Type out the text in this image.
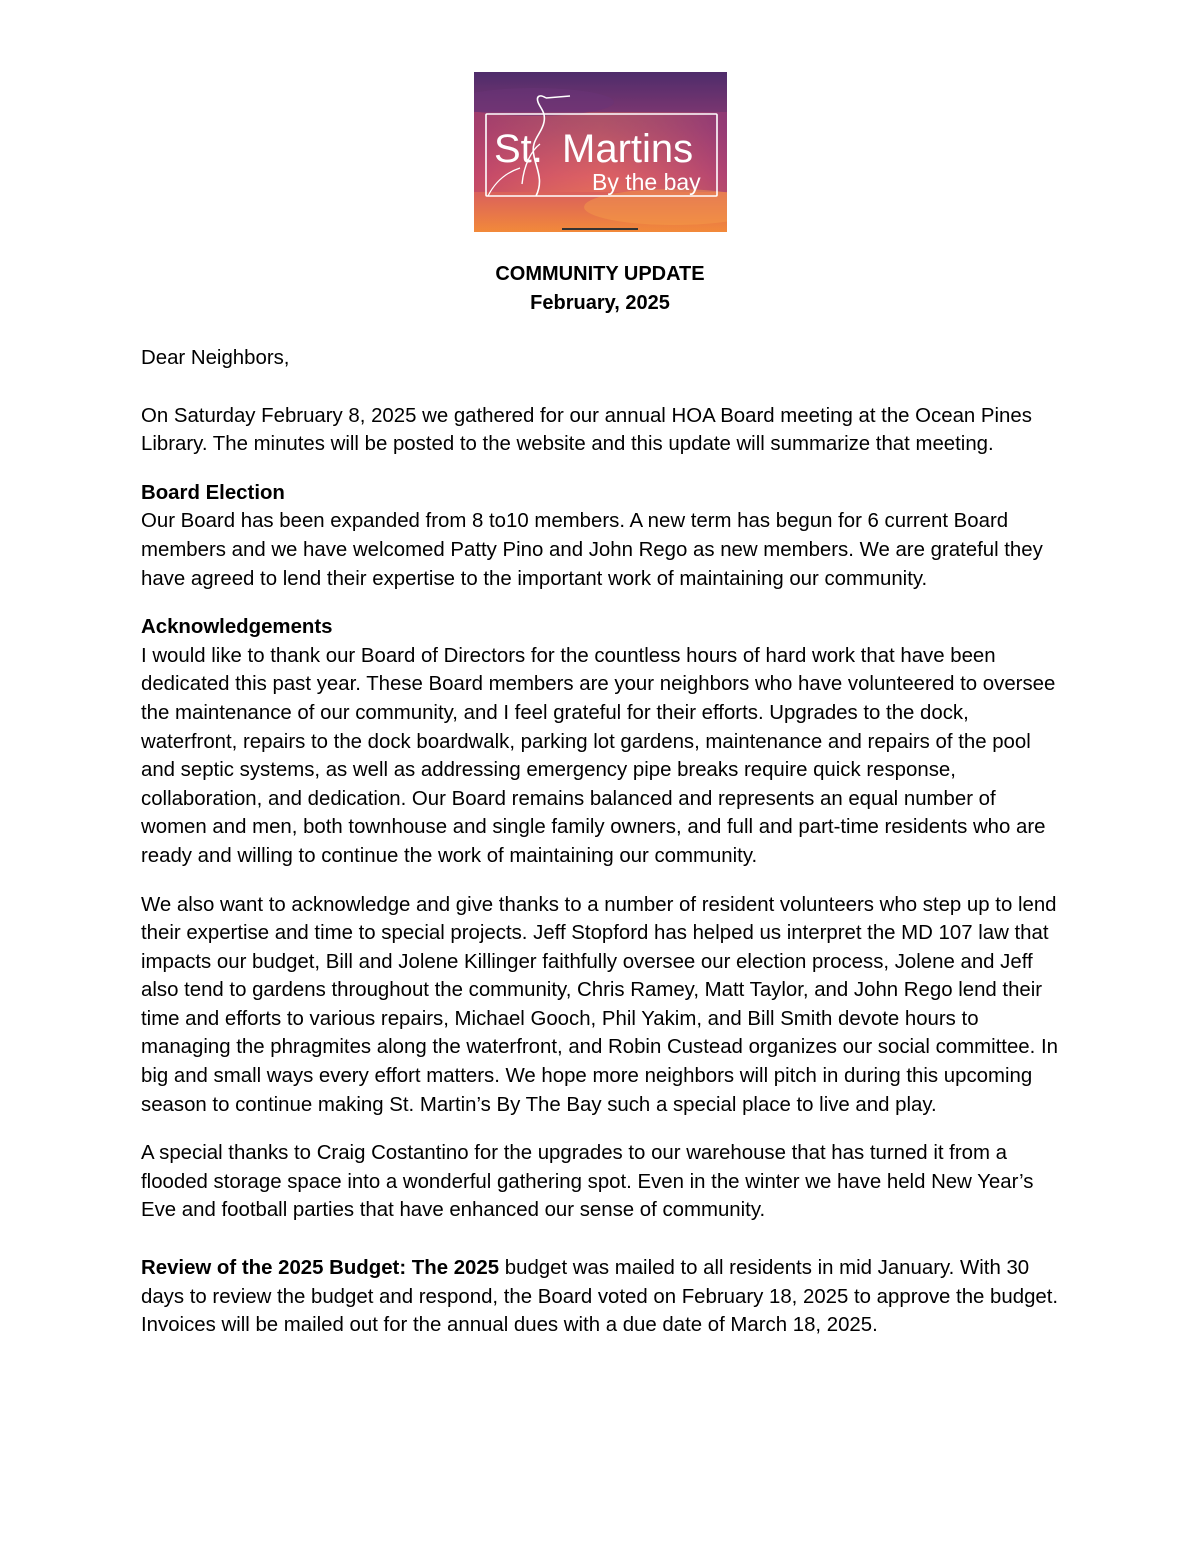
St. Martins
By the bay
COMMUNITY UPDATE
February, 2025

Dear Neighbors,

On Saturday February 8, 2025 we gathered for our annual HOA Board meeting at the Ocean Pines Library. The minutes will be posted to the website and this update will summarize that meeting.

Board Election

Our Board has been expanded from 8 to10 members. A new term has begun for 6 current Board members and we have welcomed Patty Pino and John Rego as new members. We are grateful they have agreed to lend their expertise to the important work of maintaining our community.

Acknowledgements

I would like to thank our Board of Directors for the countless hours of hard work that have been dedicated this past year. These Board members are your neighbors who have volunteered to oversee the maintenance of our community, and I feel grateful for their efforts. Upgrades to the dock, waterfront, repairs to the dock boardwalk, parking lot gardens, maintenance and repairs of the pool and septic systems, as well as addressing emergency pipe breaks require quick response, collaboration, and dedication. Our Board remains balanced and represents an equal number of women and men, both townhouse and single family owners, and full and part-time residents who are ready and willing to continue the work of maintaining our community.

We also want to acknowledge and give thanks to a number of resident volunteers who step up to lend their expertise and time to special projects. Jeff Stopford has helped us interpret the MD 107 law that impacts our budget, Bill and Jolene Killinger faithfully oversee our election process, Jolene and Jeff also tend to gardens throughout the community, Chris Ramey, Matt Taylor, and John Rego lend their time and efforts to various repairs, Michael Gooch, Phil Yakim, and Bill Smith devote hours to managing the phragmites along the waterfront, and Robin Custead organizes our social committee. In big and small ways every effort matters. We hope more neighbors will pitch in during this upcoming season to continue making St. Martin’s By The Bay such a special place to live and play.

A special thanks to Craig Costantino for the upgrades to our warehouse that has turned it from a flooded storage space into a wonderful gathering spot. Even in the winter we have held New Year’s Eve and football parties that have enhanced our sense of community.

Review of the 2025 Budget: The 2025 budget was mailed to all residents in mid January. With 30 days to review the budget and respond, the Board voted on February 18, 2025 to approve the budget. Invoices will be mailed out for the annual dues with a due date of March 18, 2025.
